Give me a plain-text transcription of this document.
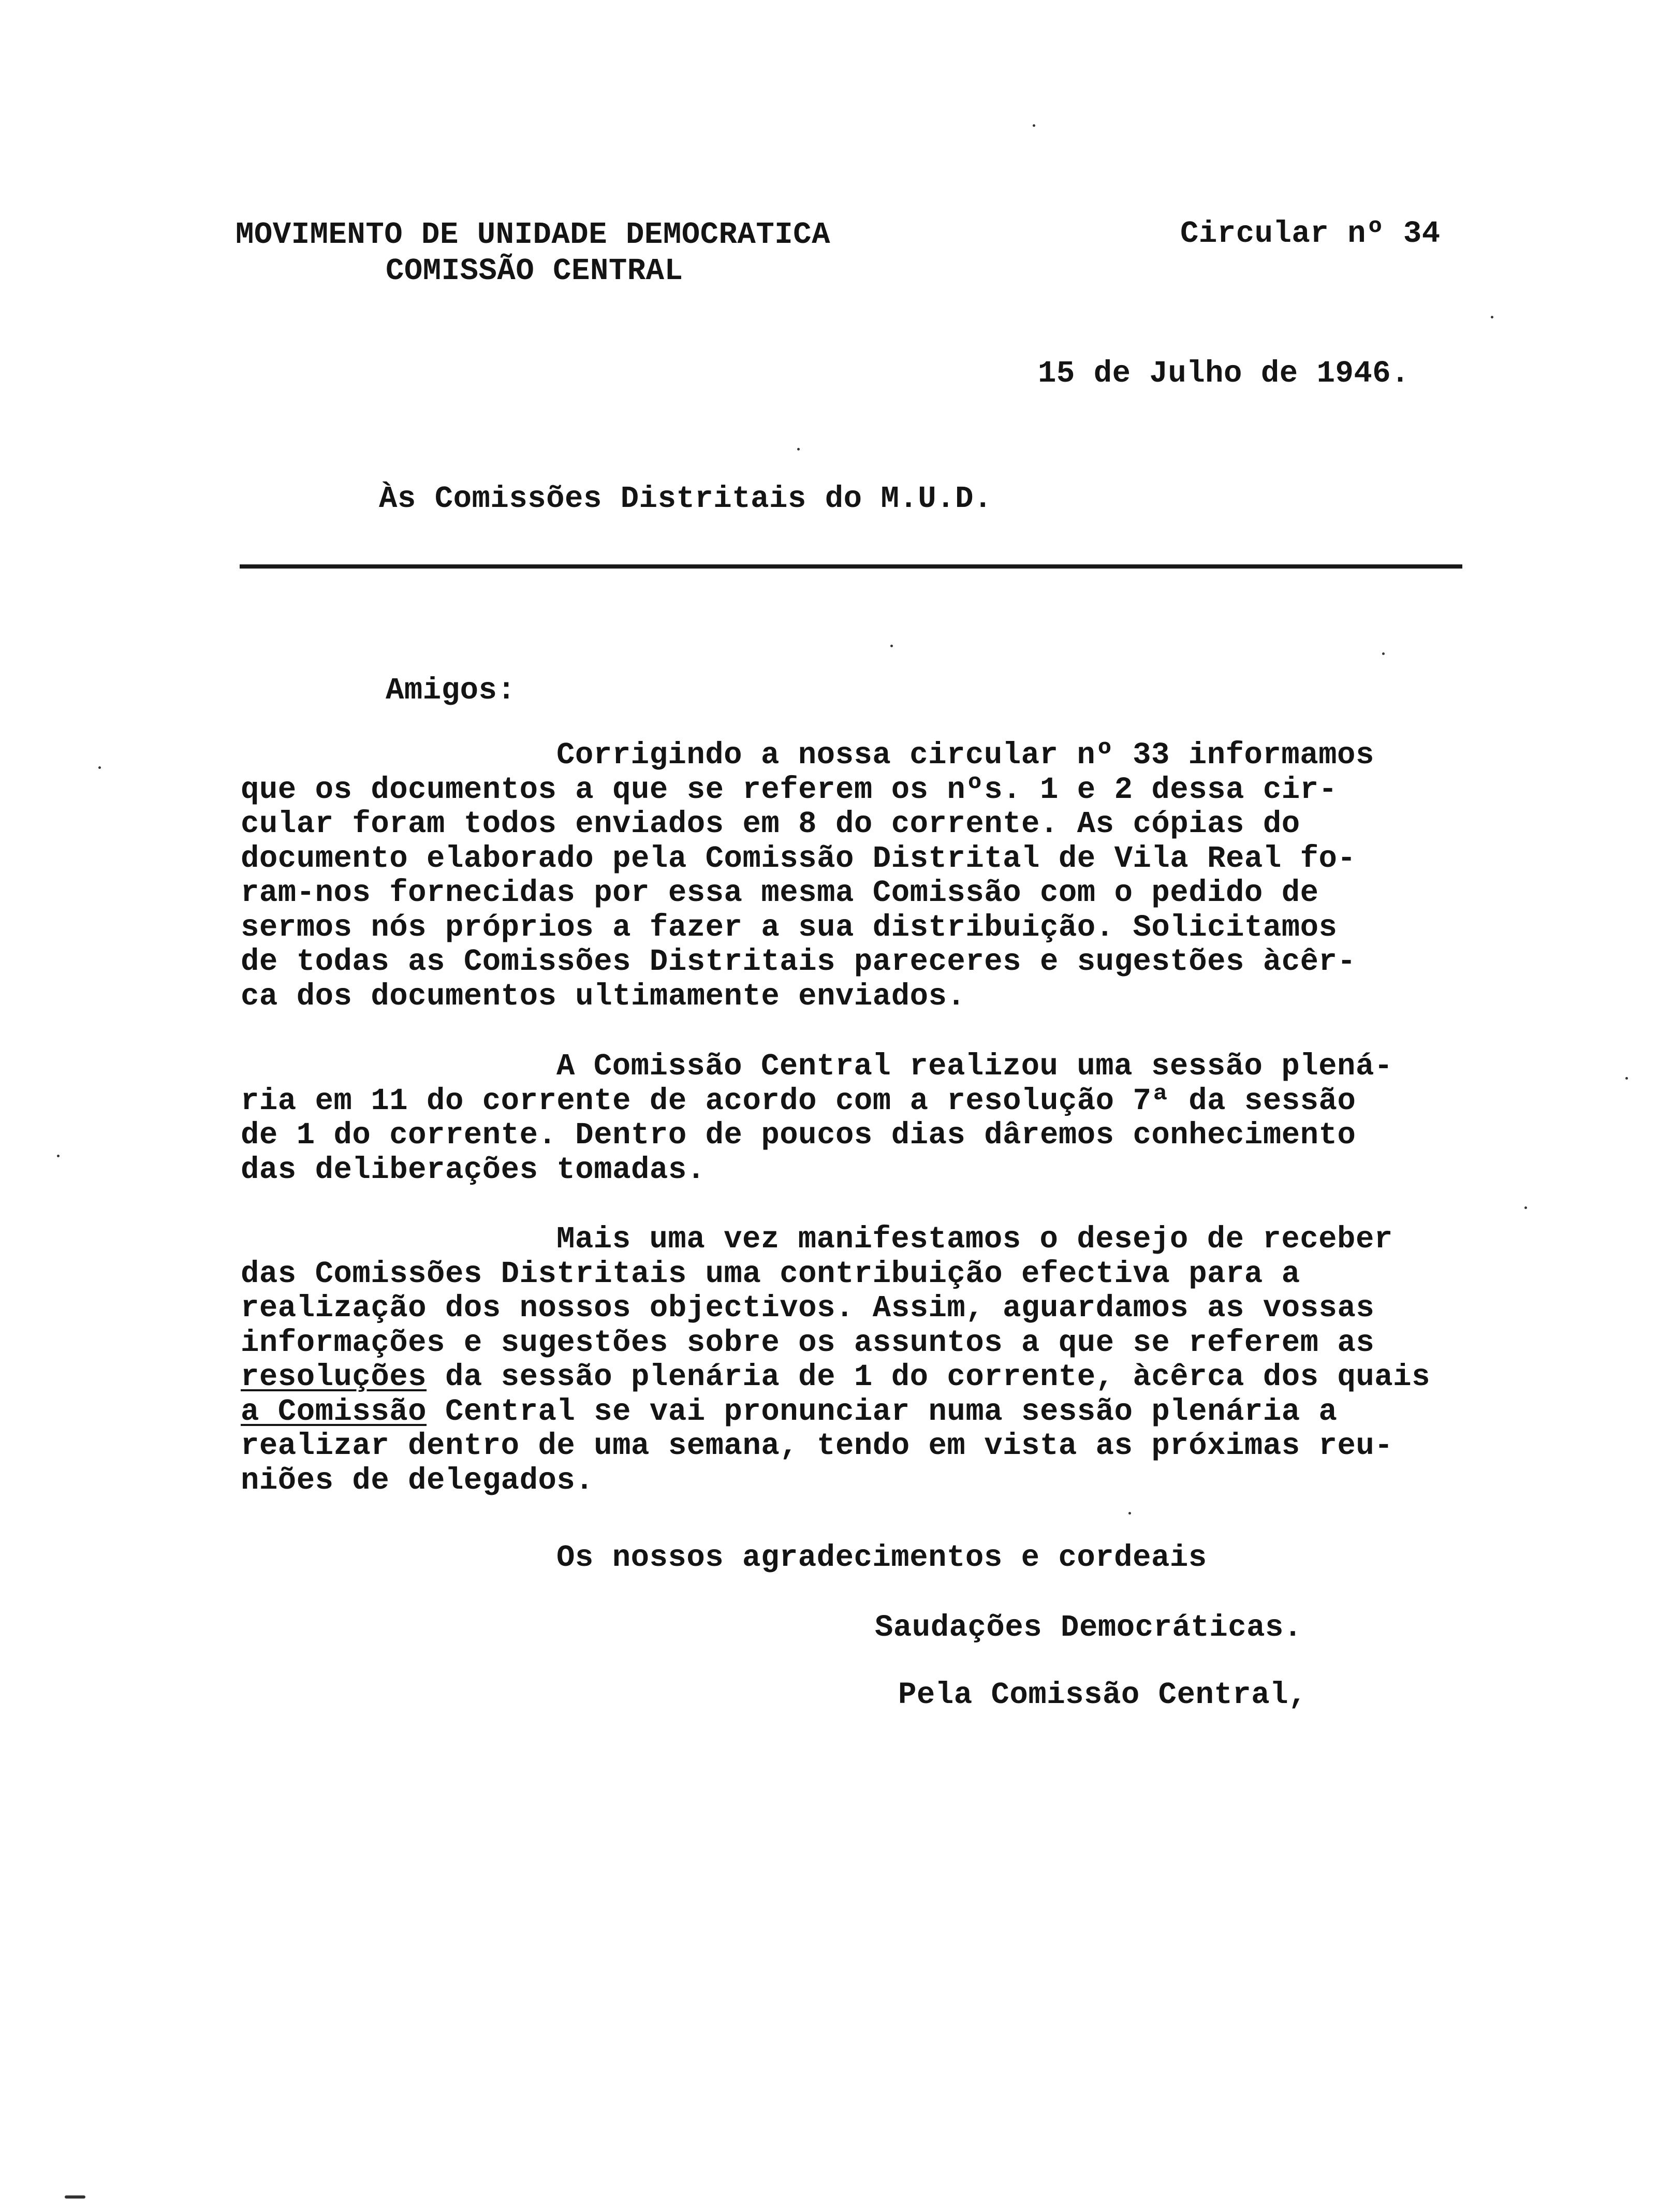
MOVIMENTO DE UNIDADE DEMOCRATICA

COMISSÃO CENTRAL

Circular nº 34

15 de Julho de 1946.

Às Comissões Distritais do M.U.D.

Amigos:

Corrigindo a nossa circular nº 33 informamos
que os documentos a que se referem os nºs. 1 e 2 dessa cir-
cular foram todos enviados em 8 do corrente. As cópias do
documento elaborado pela Comissão Distrital de Vila Real fo-
ram-nos fornecidas por essa mesma Comissão com o pedido de
sermos nós próprios a fazer a sua distribuição. Solicitamos
de todas as Comissões Distritais pareceres e sugestões àcêr-
ca dos documentos ultimamente enviados.
A Comissão Central realizou uma sessão plená-
ria em 11 do corrente de acordo com a resolução 7ª da sessão
de 1 do corrente. Dentro de poucos dias dâremos conhecimento
das deliberações tomadas.
Mais uma vez manifestamos o desejo de receber
das Comissões Distritais uma contribuição efectiva para a
realização dos nossos objectivos. Assim, aguardamos as vossas
informações e sugestões sobre os assuntos a que se referem as
resoluções da sessão plenária de 1 do corrente, àcêrca dos quais
a Comissão Central se vai pronunciar numa sessão plenária a
realizar dentro de uma semana, tendo em vista as próximas reu-
niões de delegados.

Os nossos agradecimentos e cordeais

Saudações Democráticas.

Pela Comissão Central,
